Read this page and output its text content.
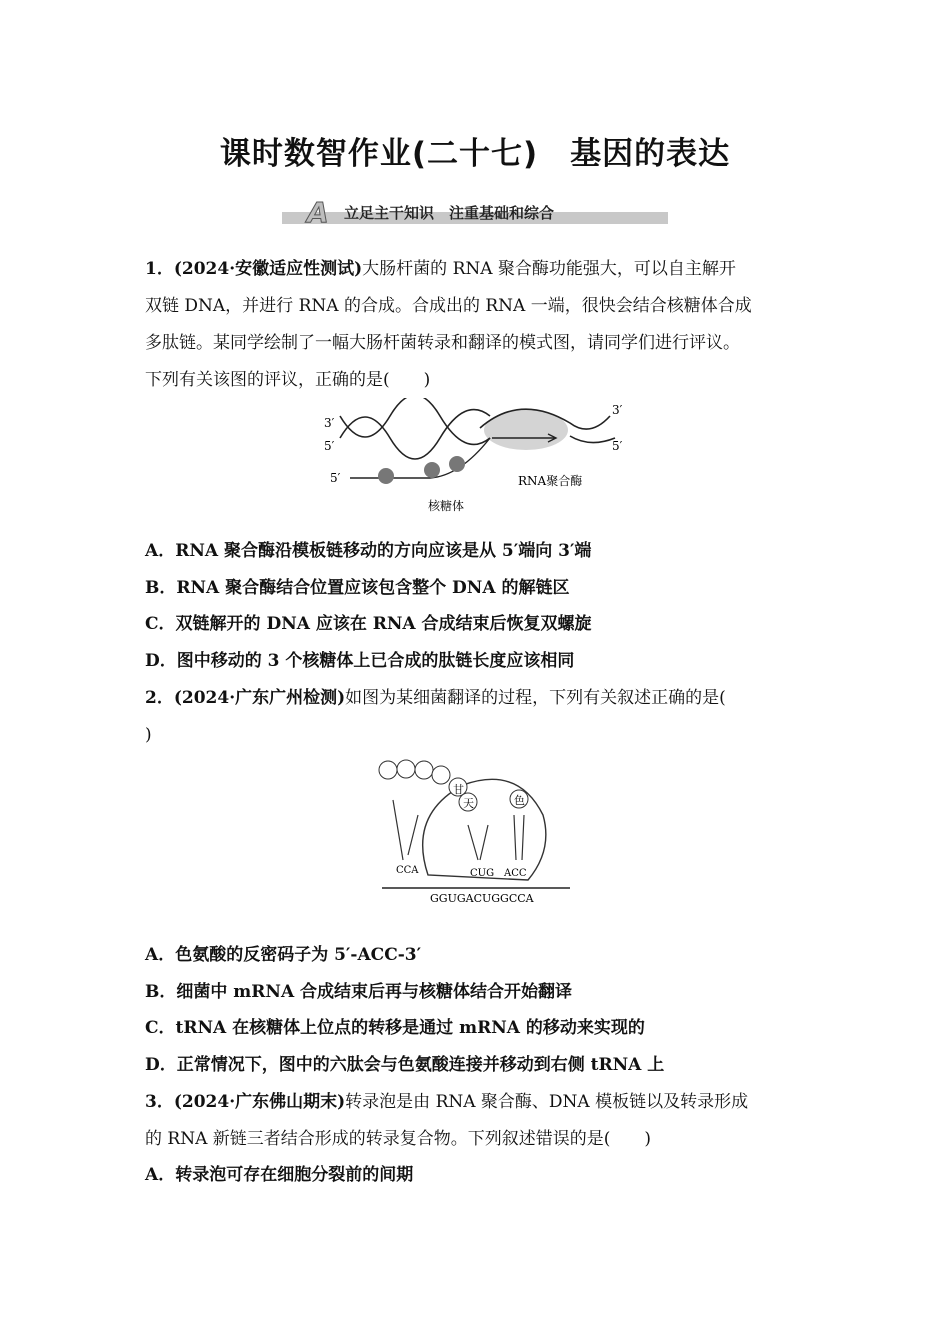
课时数智作业(二十七)　基因的表达
A 立足主干知识　注重基础和综合
1．(2024·安徽适应性测试)大肠杆菌的 RNA 聚合酶功能强大，可以自主解开
双链 DNA，并进行 RNA 的合成。合成出的 RNA 一端，很快会结合核糖体合成
多肽链。某同学绘制了一幅大肠杆菌转录和翻译的模式图，请同学们进行评议。
下列有关该图的评议，正确的是(　　)
3′
5′
3′
5′
5′
核糖体
RNA聚合酶
A．RNA 聚合酶沿模板链移动的方向应该是从 5′端向 3′端
B．RNA 聚合酶结合位置应该包含整个 DNA 的解链区
C．双链解开的 DNA 应该在 RNA 合成结束后恢复双螺旋
D．图中移动的 3 个核糖体上已合成的肽链长度应该相同
2．(2024·广东广州检测)如图为某细菌翻译的过程，下列有关叙述正确的是(
)
甘
天	色
CCA	CUG ACC
GGUGACUGGCCA
A．色氨酸的反密码子为 5′-ACC-3′
B．细菌中 mRNA 合成结束后再与核糖体结合开始翻译
C．tRNA 在核糖体上位点的转移是通过 mRNA 的移动来实现的
D．正常情况下，图中的六肽会与色氨酸连接并移动到右侧 tRNA 上
3．(2024·广东佛山期末)转录泡是由 RNA 聚合酶、DNA 模板链以及转录形成
的 RNA 新链三者结合形成的转录复合物。下列叙述错误的是(　　)
A．转录泡可存在细胞分裂前的间期
